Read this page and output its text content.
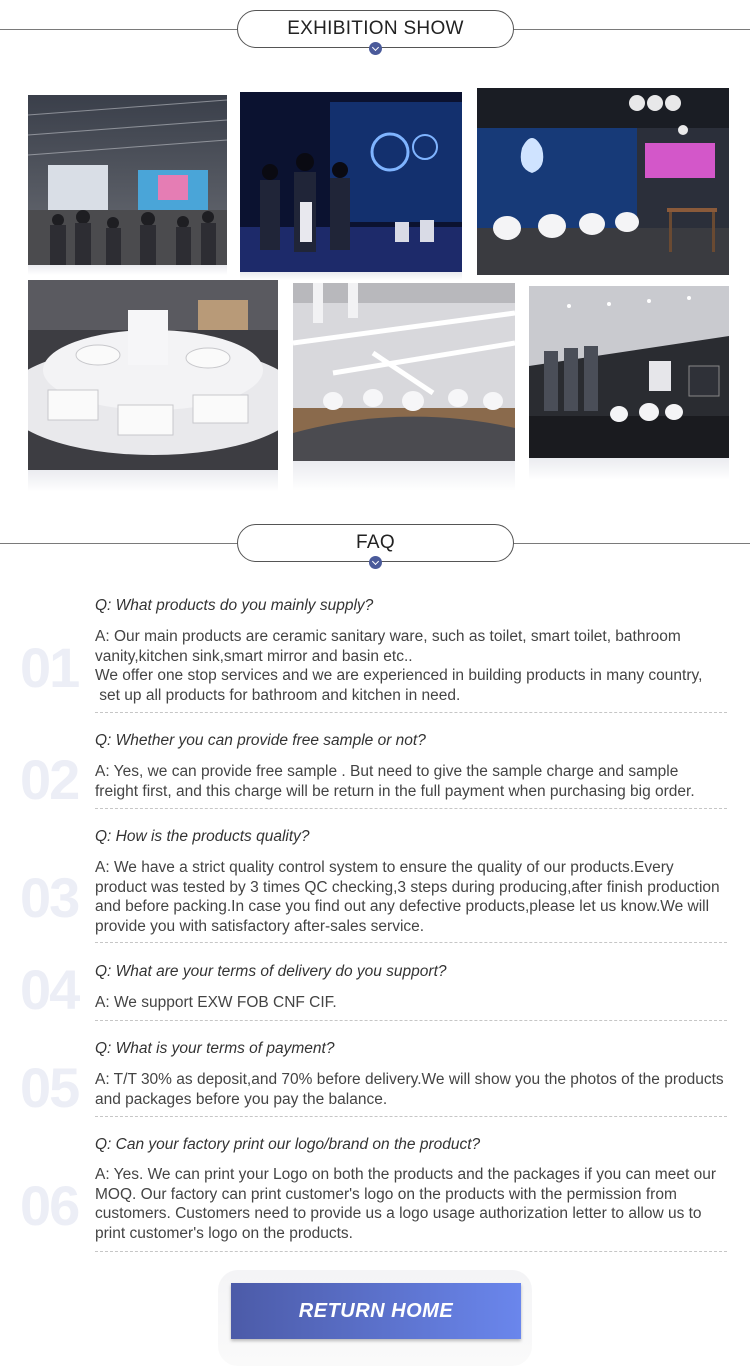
EXHIBITION SHOW
FAQ
01
Q: What products do you mainly supply?

A: Our main products are ceramic sanitary ware, such as toilet, smart toilet, bathroom

vanity,kitchen sink,smart mirror and basin etc..

We offer one stop services and we are experienced in building products in many country,

set up all products for bathroom and kitchen in need.

02
Q: Whether you can provide free sample or not?

A: Yes, we can provide free sample . But need to give the sample charge and sample

freight first, and this charge will be return in the full payment when purchasing big order.

03
Q: How is the products quality?

A: We have a strict quality control system to ensure the quality of our products.Every

product was tested by 3 times QC checking,3 steps during producing,after finish production

and before packing.In case you find out any defective products,please let us know.We will

provide you with satisfactory after-sales service.

04 Q: What are your terms of delivery do you support?

A: We support EXW FOB CNF CIF.

05
Q: What is your terms of payment?

A: T/T 30% as deposit,and 70% before delivery.We will show you the photos of the products

and packages before you pay the balance.

06
Q: Can your factory print our logo/brand on the product?

A: Yes. We can print your Logo on both the products and the packages if you can meet our

MOQ. Our factory can print customer's logo on the products with the permission from

customers. Customers need to provide us a logo usage authorization letter to allow us to

print customer's logo on the products.

RETURN HOME
